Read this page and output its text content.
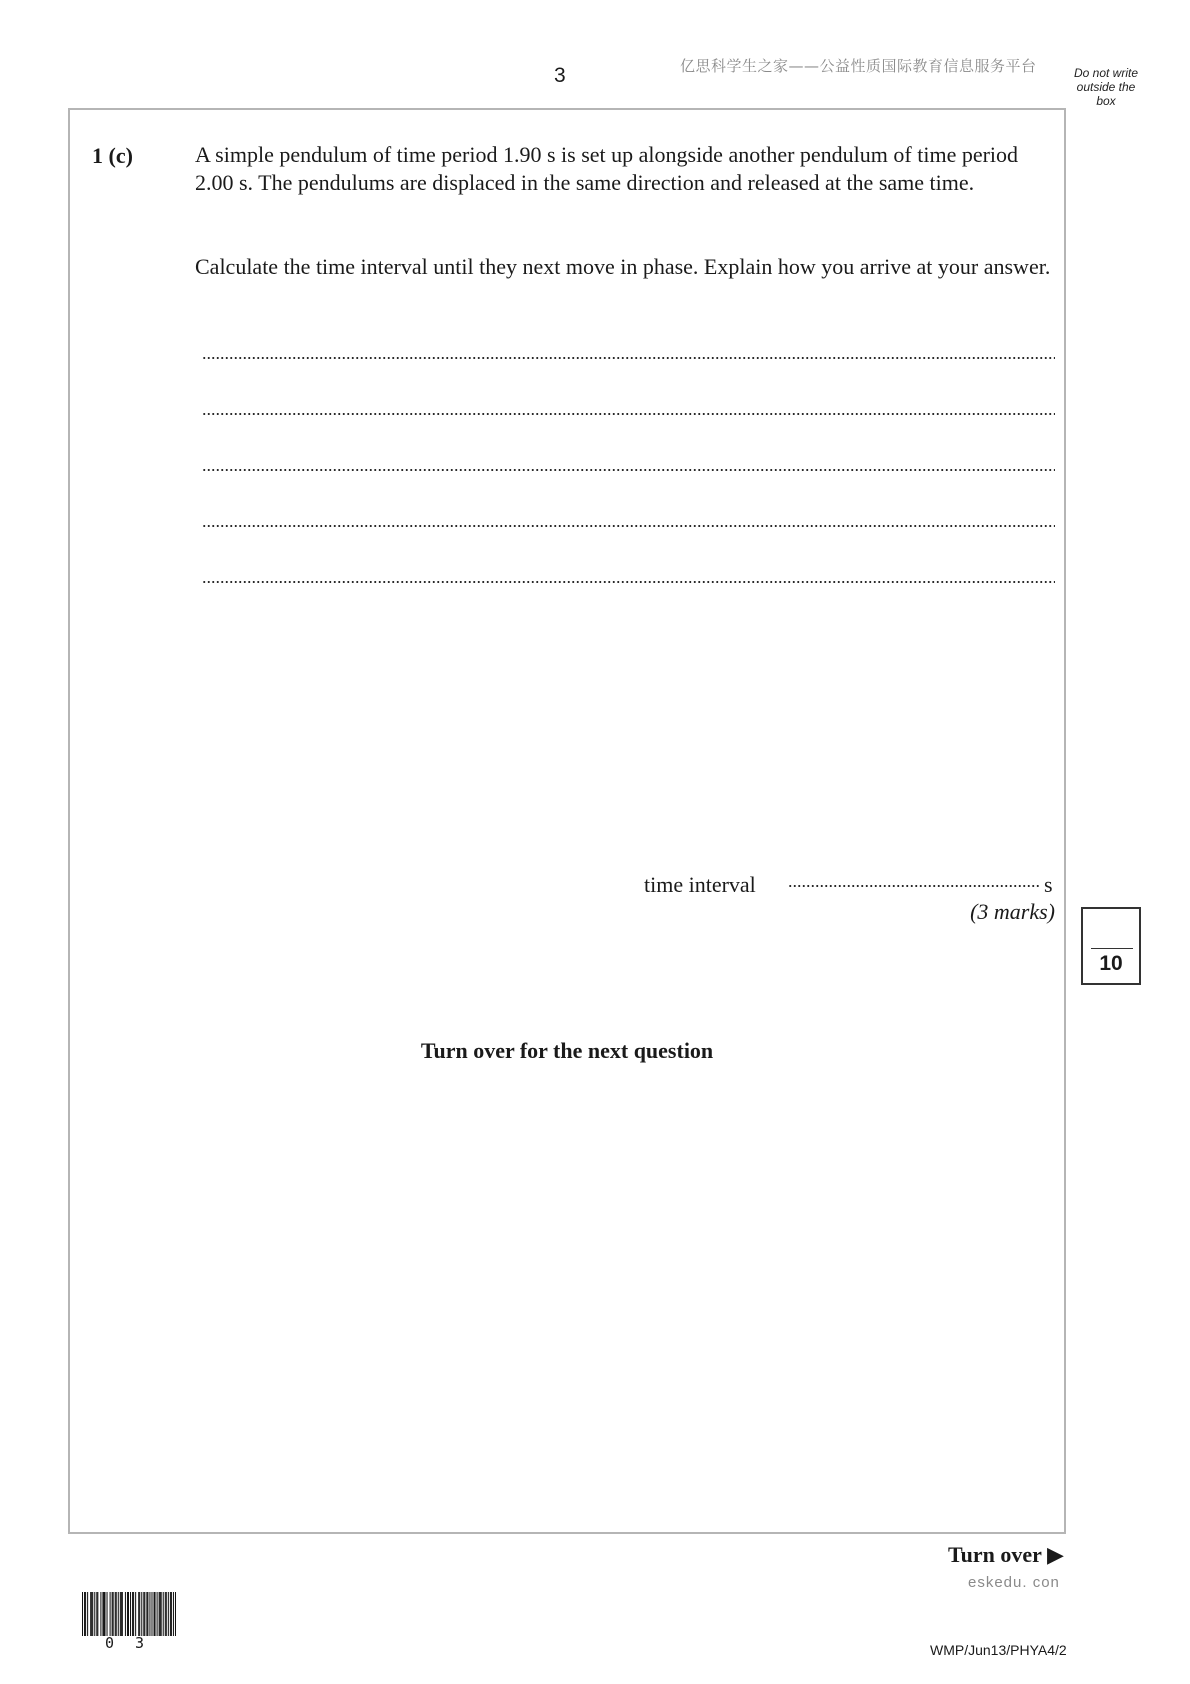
3	亿思科学生之家——公益性质国际教育信息服务平台	Do not write outside the box
1 (c)	A simple pendulum of time period 1.90 s is set up alongside another pendulum of time period 2.00 s. The pendulums are displaced in the same direction and released at the same time.
Calculate the time interval until they next move in phase. Explain how you arrive at your answer.
time interval	s
(3 marks)
10
Turn over for the next question
Turn over ▶
eskedu. con
0 3	WMP/Jun13/PHYA4/2
